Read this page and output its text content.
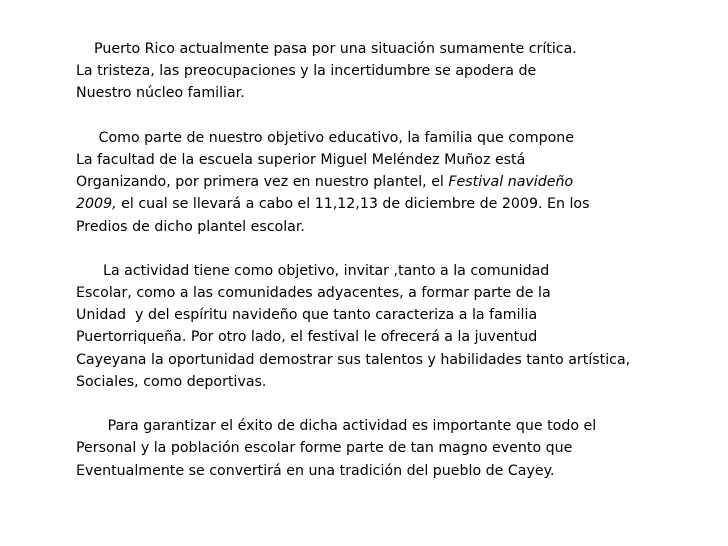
Puerto Rico actualmente pasa por una situación sumamente crítica.
La tristeza, las preocupaciones y la incertidumbre se apodera de
Nuestro núcleo familiar.
Como parte de nuestro objetivo educativo, la familia que compone
La facultad de la escuela superior Miguel Meléndez Muñoz está
Organizando, por primera vez en nuestro plantel, el Festival navideño
2009, el cual se llevará a cabo el 11,12,13 de diciembre de 2009. En los
Predios de dicho plantel escolar.
La actividad tiene como objetivo, invitar ,tanto a la comunidad
Escolar, como a las comunidades adyacentes, a formar parte de la
Unidad  y del espíritu navideño que tanto caracteriza a la familia
Puertorriqueña. Por otro lado, el festival le ofrecerá a la juventud
Cayeyana la oportunidad demostrar sus talentos y habilidades tanto artística,
Sociales, como deportivas.
Para garantizar el éxito de dicha actividad es importante que todo el
Personal y la población escolar forme parte de tan magno evento que
Eventualmente se convertirá en una tradición del pueblo de Cayey.
